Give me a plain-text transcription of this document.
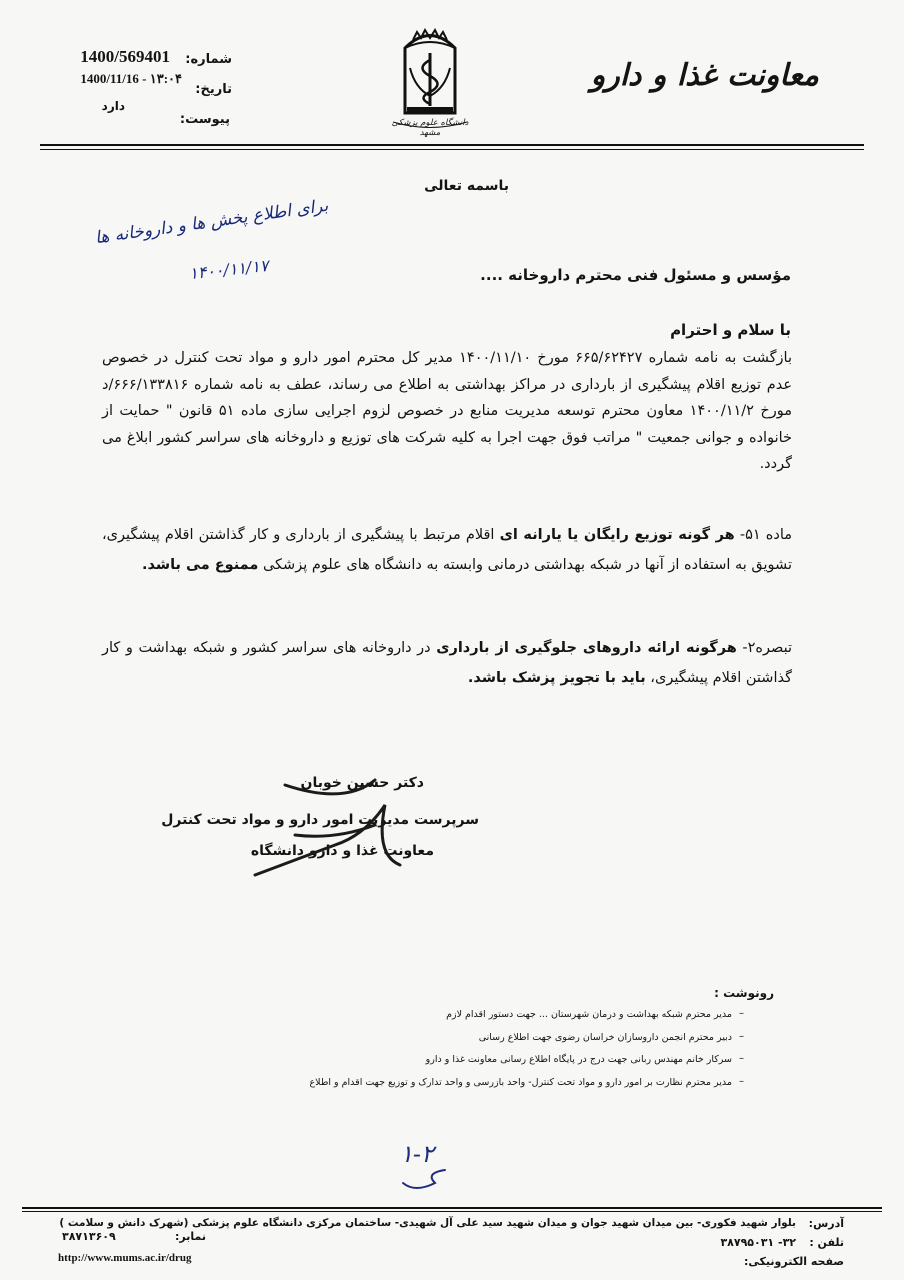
شماره:
1400/569401
تاریخ:
1400/11/16 - ۱۳:۰۴
پیوست:
دارد
دانشگاه علوم پزشکی مشهد
معاونت غذا و دارو
باسمه تعالی
برای اطلاع پخش ها و داروخانه ها
۱۴۰۰/۱۱/۱۷	مؤسس و مسئول فنی محترم داروخانه ....
با سلام و احترام
بازگشت به نامه شماره ۶۶۵/۶۲۴۲۷ مورخ ۱۴۰۰/۱۱/۱۰ مدیر کل محترم امور دارو و مواد تحت کنترل در خصوص عدم توزیع اقلام پیشگیری از بارداری در مراکز بهداشتی به اطلاع می رساند، عطف به نامه شماره ۶۶۶/۱۳۳۸۱۶/د مورخ ۱۴۰۰/۱۱/۲ معاون محترم توسعه مدیریت منابع در خصوص لزوم اجرایی سازی ماده ۵۱ قانون " حمایت از خانواده و جوانی جمعیت " مراتب فوق جهت اجرا به کلیه شرکت های توزیع و داروخانه های سراسر کشور ابلاغ می گردد.
ماده ۵۱- هر گونه توزیع رایگان یا یارانه ای اقلام مرتبط با پیشگیری از بارداری و کار گذاشتن اقلام پیشگیری، تشویق به استفاده از آنها در شبکه بهداشتی درمانی وابسته به دانشگاه های علوم پزشکی ممنوع می باشد.
تبصره۲- هرگونه ارائه داروهای جلوگیری از بارداری در داروخانه های سراسر کشور و شبکه بهداشت و کار گذاشتن اقلام پیشگیری، باید با تجویز پزشک باشد.
دکتر حسین خوبان
سرپرست مدیریت امور دارو و مواد تحت کنترل
معاونت غذا و دارو دانشگاه
رونوشت :
–
مدیر محترم شبکه بهداشت و درمان شهرستان ... جهت دستور اقدام لازم
–
دبیر محترم انجمن داروسازان خراسان رضوی جهت اطلاع رسانی
–
سرکار خانم مهندس ربانی جهت درج در پایگاه اطلاع رسانی معاونت غذا و دارو
–
مدیر محترم نظارت بر امور دارو و مواد تحت کنترل- واحد بازرسی و واحد تدارک و توزیع جهت اقدام و اطلاع
۱-۲
آدرس:
بلوار شهید فکوری- بین میدان شهید جوان و میدان شهید سید علی آل شهیدی- ساختمان مرکزی دانشگاه علوم پزشکی (شهرک دانش و سلامت )
تلفن :
۳۲- ۳۸۷۹۵۰۳۱
صفحه الکترونیکی:
نمابر:
۳۸۷۱۳۶۰۹
http://www.mums.ac.ir/drug
